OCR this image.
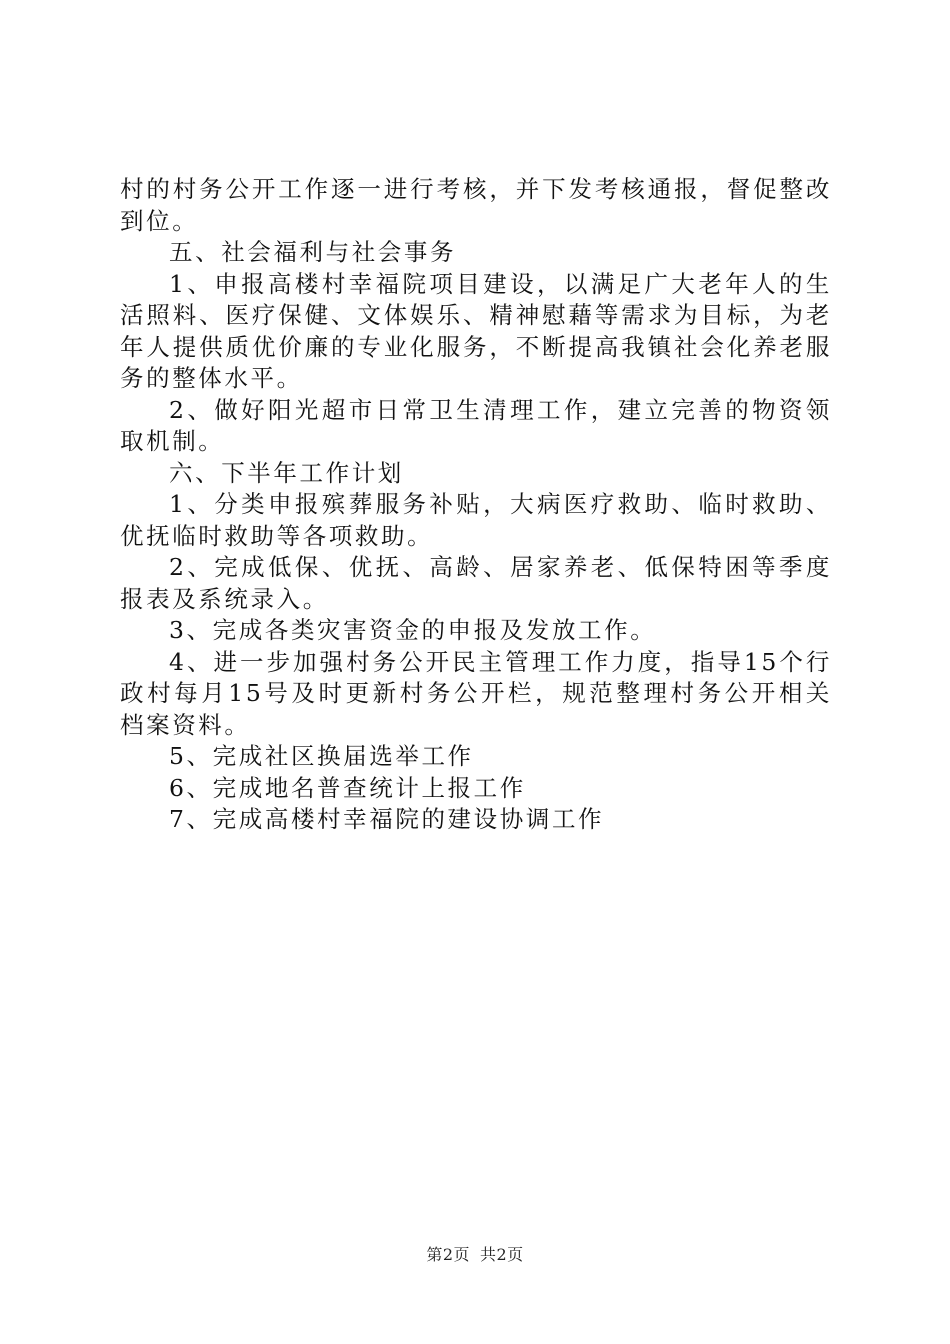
村的村务公开工作逐一进行考核，并下发考核通报，督促整改到位。

五、社会福利与社会事务

1、申报高楼村幸福院项目建设，以满足广大老年人的生活照料、医疗保健、文体娱乐、精神慰藉等需求为目标，为老年人提供质优价廉的专业化服务，不断提高我镇社会化养老服务的整体水平。

2、做好阳光超市日常卫生清理工作，建立完善的物资领取机制。

六、下半年工作计划

1、分类申报殡葬服务补贴，大病医疗救助、临时救助、优抚临时救助等各项救助。

2、完成低保、优抚、高龄、居家养老、低保特困等季度报表及系统录入。

3、完成各类灾害资金的申报及发放工作。

4、进一步加强村务公开民主管理工作力度，指导15个行政村每月15号及时更新村务公开栏，规范整理村务公开相关档案资料。

5、完成社区换届选举工作

6、完成地名普查统计上报工作

7、完成高楼村幸福院的建设协调工作

第2页 共2页
